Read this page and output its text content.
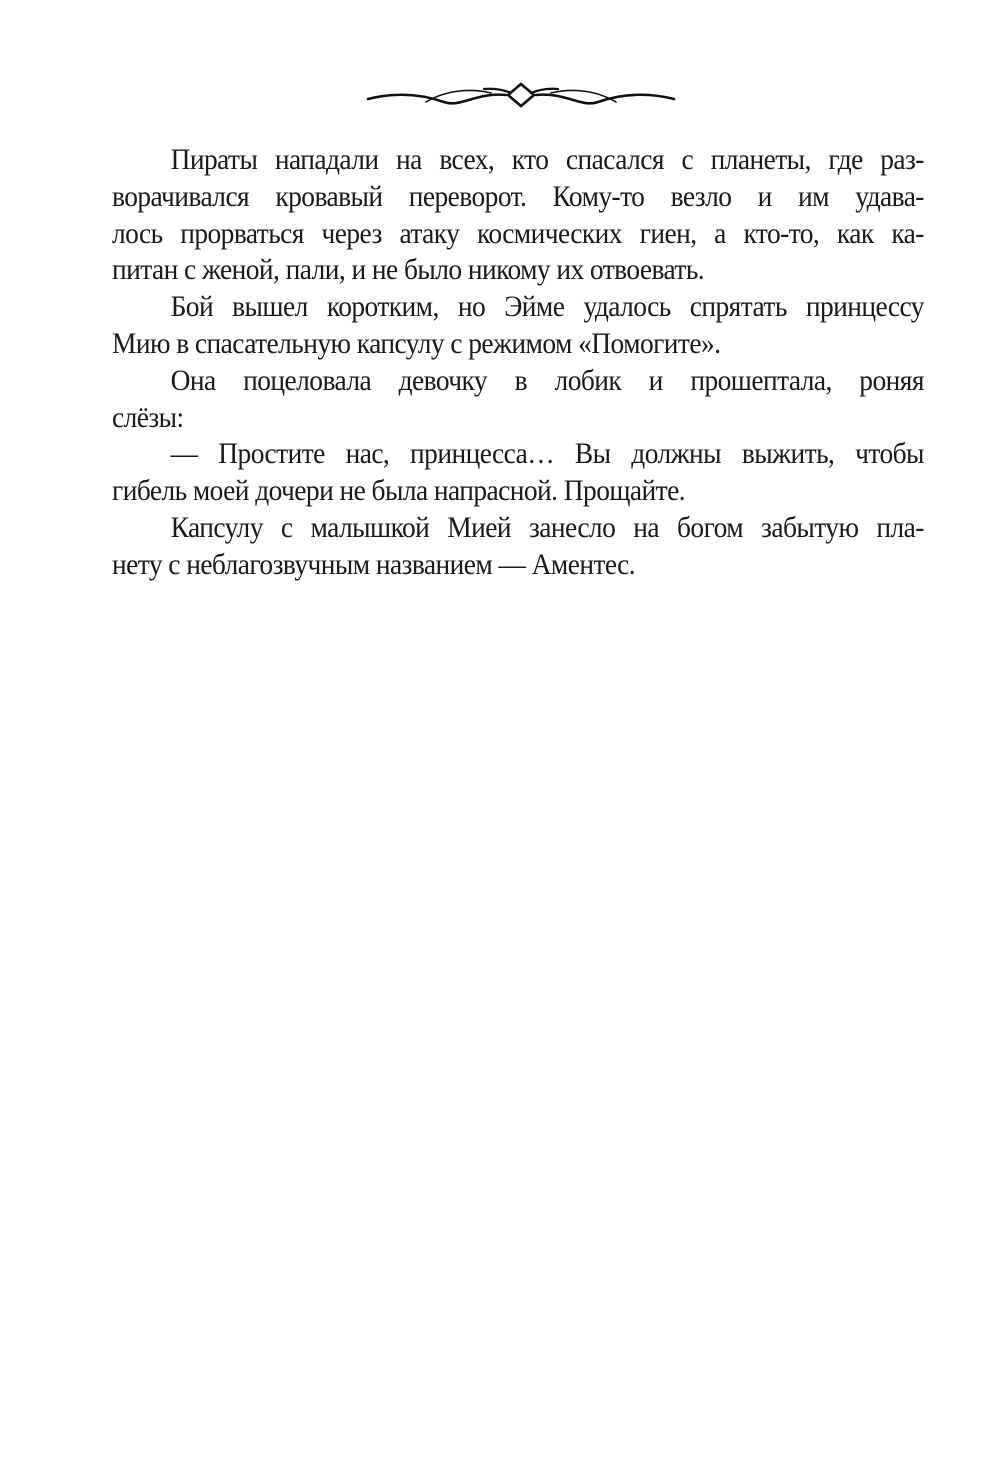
Пираты нападали на всех, кто спасался с планеты, где раз-
ворачивался кровавый переворот. Кому-то везло и им удава-
лось прорваться через атаку космических гиен, а кто-то, как ка-
питан с женой, пали, и не было никому их отвоевать.
Бой вышел коротким, но Эйме удалось спрятать принцессу
Мию в спасательную капсулу с режимом «Помогите».
Она поцеловала девочку в лобик и прошептала, роняя
слёзы:
— Простите нас, принцесса… Вы должны выжить, чтобы
гибель моей дочери не была напрасной. Прощайте.
Капсулу с малышкой Мией занесло на богом забытую пла-
нету с неблагозвучным названием — Аментес.
